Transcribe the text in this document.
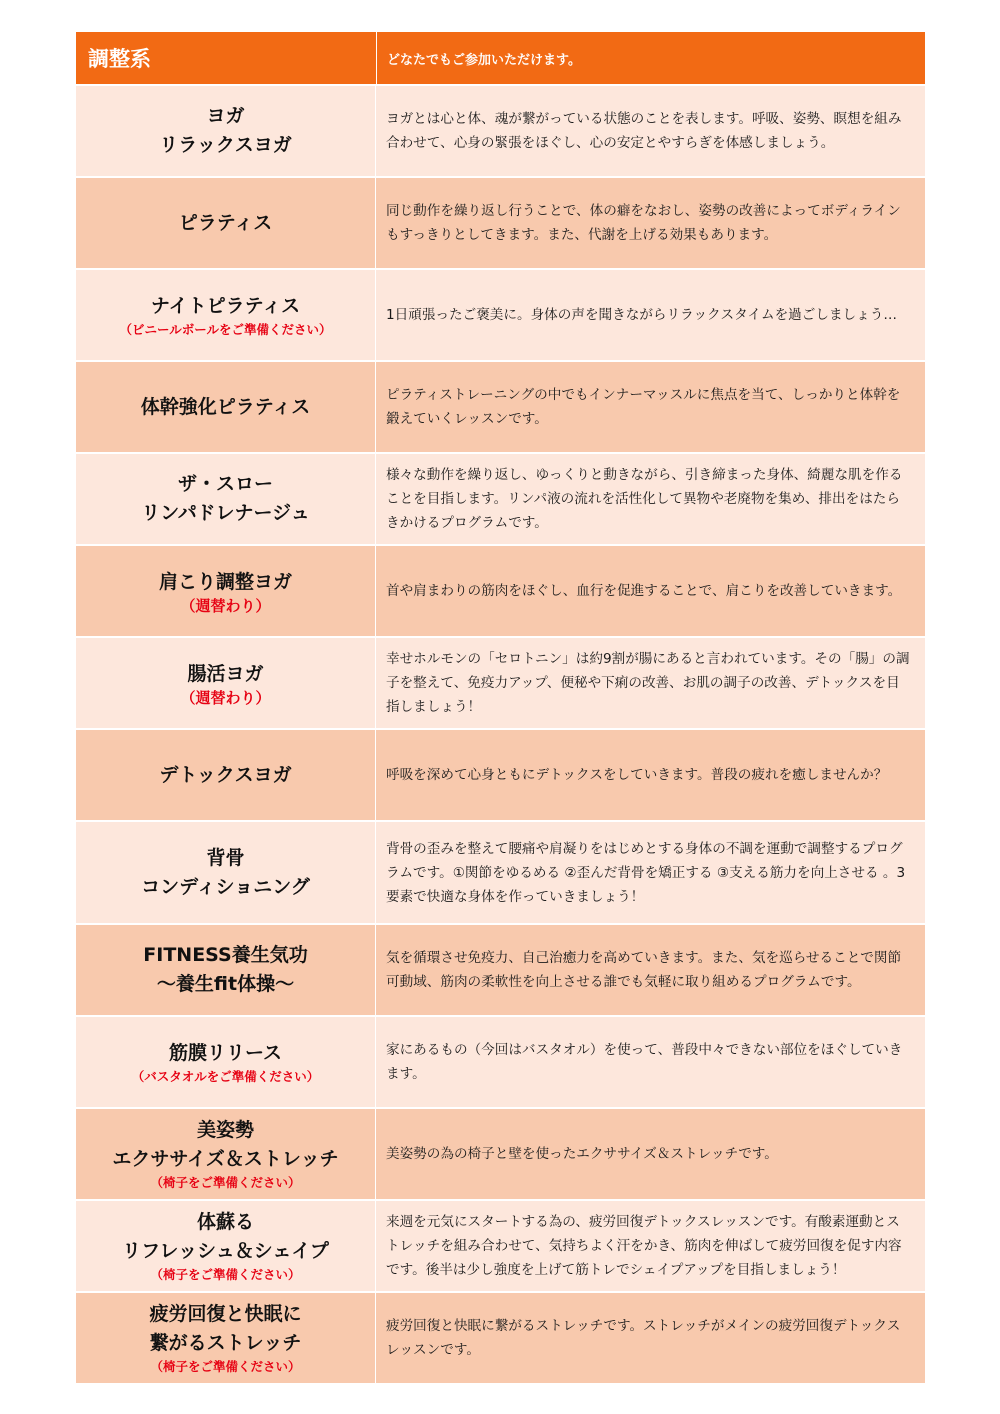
調整系	どなたでもご参加いただけます。
ヨガ
リラックスヨガ
ヨガとは心と体、魂が繋がっている状態のことを表します。呼吸、姿勢、瞑想を組み合わせて、心身の緊張をほぐし、心の安定とやすらぎを体感しましょう。
ピラティス
同じ動作を繰り返し行うことで、体の癖をなおし、姿勢の改善によってボディラインもすっきりとしてきます。また、代謝を上げる効果もあります。
ナイトピラティス
（ビニールボールをご準備ください）
1日頑張ったご褒美に。身体の声を聞きながらリラックスタイムを過ごしましょう…
体幹強化ピラティス
ピラティストレーニングの中でもインナーマッスルに焦点を当て、しっかりと体幹を鍛えていくレッスンです。
ザ・スロー
リンパドレナージュ
様々な動作を繰り返し、ゆっくりと動きながら、引き締まった身体、綺麗な肌を作ることを目指します。リンパ液の流れを活性化して異物や老廃物を集め、排出をはたらきかけるプログラムです。
肩こり調整ヨガ
（週替わり）
首や肩まわりの筋肉をほぐし、血行を促進することで、肩こりを改善していきます。
腸活ヨガ
（週替わり）
幸せホルモンの「セロトニン」は約9割が腸にあると言われています。その「腸」の調子を整えて、免疫力アップ、便秘や下痢の改善、お肌の調子の改善、デトックスを目指しましょう！
デトックスヨガ	呼吸を深めて心身ともにデトックスをしていきます。普段の疲れを癒しませんか？
背骨
コンディショニング
背骨の歪みを整えて腰痛や肩凝りをはじめとする身体の不調を運動で調整するプログラムです。①関節をゆるめる ②歪んだ背骨を矯正する ③支える筋力を向上させる 。3要素で快適な身体を作っていきましょう！
FITNESS養生気功
～養生fit体操～
気を循環させ免疫力、自己治癒力を高めていきます。また、気を巡らせることで関節可動域、筋肉の柔軟性を向上させる誰でも気軽に取り組めるプログラムです。
筋膜リリース
（バスタオルをご準備ください）
家にあるもの（今回はバスタオル）を使って、普段中々できない部位をほぐしていきます。
美姿勢
エクササイズ＆ストレッチ
（椅子をご準備ください）
美姿勢の為の椅子と壁を使ったエクササイズ＆ストレッチです。
体蘇る
リフレッシュ＆シェイプ
（椅子をご準備ください）
来週を元気にスタートする為の、疲労回復デトックスレッスンです。有酸素運動とストレッチを組み合わせて、気持ちよく汗をかき、筋肉を伸ばして疲労回復を促す内容です。後半は少し強度を上げて筋トレでシェイプアップを目指しましょう！
疲労回復と快眠に
繋がるストレッチ
（椅子をご準備ください）
疲労回復と快眠に繋がるストレッチです。ストレッチがメインの疲労回復デトックスレッスンです。
